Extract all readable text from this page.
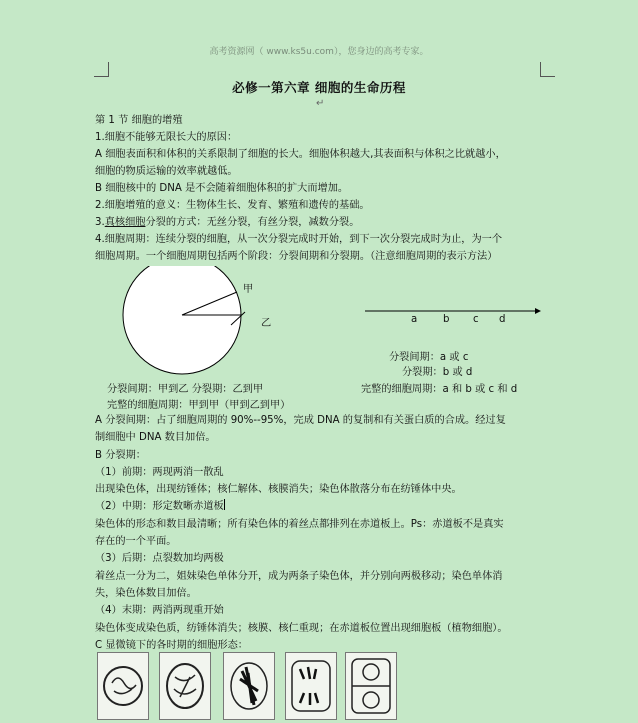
高考资源网（ www.ks5u.com），您身边的高考专家。
必修一第六章 细胞的生命历程
↵
第 1 节 细胞的增殖
1.细胞不能够无限长大的原因：
A 细胞表面积和体积的关系限制了细胞的长大。细胞体积越大,其表面积与体积之比就越小，
细胞的物质运输的效率就越低。
B 细胞核中的 DNA 是不会随着细胞体积的扩大而增加。
2.细胞增殖的意义：生物体生长、发育、繁殖和遗传的基础。
3.真核细胞分裂的方式：无丝分裂，有丝分裂，减数分裂。
4.细胞周期：连续分裂的细胞，从一次分裂完成时开始，到下一次分裂完成时为止，为一个
细胞周期。一个细胞周期包括两个阶段：分裂间期和分裂期。（注意细胞周期的表示方法）
甲
乙	a	b c d
分裂间期：a 或 c
分裂期：b 或 d
完整的细胞周期：a 和 b 或 c 和 d
分裂间期：甲到乙 分裂期：乙到甲
完整的细胞周期：甲到甲（甲到乙到甲）
A 分裂间期：占了细胞周期的 90%--95%，完成 DNA 的复制和有关蛋白质的合成。经过复
制细胞中 DNA 数目加倍。
B 分裂期：
（1）前期：两现两消一散乱
出现染色体，出现纺锤体；核仁解体、核膜消失；染色体散落分布在纺锤体中央。
（2）中期：形定数晰赤道板
染色体的形态和数目最清晰；所有染色体的着丝点都排列在赤道板上。Ps：赤道板不是真实
存在的一个平面。
（3）后期：点裂数加均两极
着丝点一分为二，姐妹染色单体分开，成为两条子染色体，并分别向两极移动；染色单体消
失，染色体数目加倍。
（4）末期：两消两现重开始
染色体变成染色质，纺锤体消失；核膜、核仁重现；在赤道板位置出现细胞板（植物细胞）。
C 显微镜下的各时期的细胞形态：
